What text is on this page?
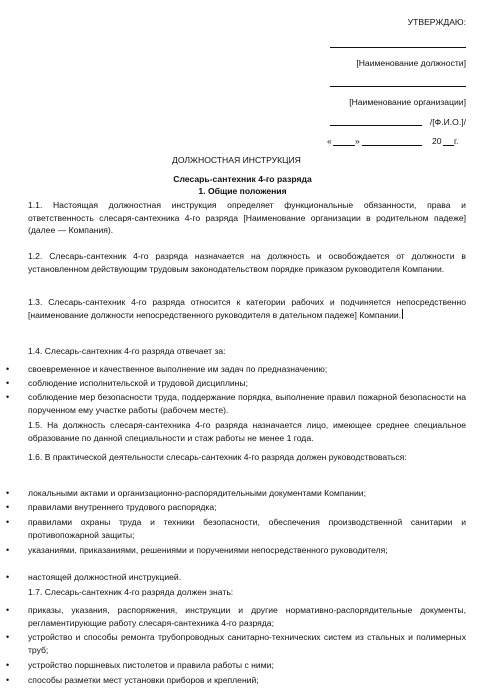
УТВЕРЖДАЮ:
[Наименование должности]
[Наименование организации]
/[Ф.И.О.]/
«	»	20 г.
ДОЛЖНОСТНАЯ ИНСТРУКЦИЯ
Слесарь-сантехник 4-го разряда
1. Общие положения
1.1. Настоящая должностная инструкция определяет функциональные обязанности, права и ответственность слесаря-сантехника 4-го разряда [Наименование организации в родительном падеже] (далее — Компания).
1.2. Слесарь-сантехник 4-го разряда назначается на должность и освобождается от должности в установленном действующим трудовым законодательством порядке приказом руководителя Компании.
1.3. Слесарь-сантехник 4-го разряда относится к категории рабочих и подчиняется непосредственно [наименование должности непосредственного руководителя в дательном падеже] Компании.
1.4. Слесарь-сантехник 4-го разряда отвечает за:
•	своевременное и качественное выполнение им задач по предназначению;
•	соблюдение исполнительской и трудовой дисциплины;
•	соблюдение мер безопасности труда, поддержание порядка, выполнение правил пожарной безопасности на порученном ему участке работы (рабочем месте).
1.5. На должность слесаря-сантехника 4-го разряда назначается лицо, имеющее среднее специальное образование по данной специальности и стаж работы не менее 1 года.
1.6. В практической деятельности слесарь-сантехник 4-го разряда должен руководствоваться:
•	локальными актами и организационно-распорядительными документами Компании;
•	правилами внутреннего трудового распорядка;
•	правилами охраны труда и техники безопасности, обеспечения производственной санитарии и противопожарной защиты;
•	указаниями, приказаниями, решениями и поручениями непосредственного руководителя;
•	настоящей должностной инструкцией.
1.7. Слесарь-сантехник 4-го разряда должен знать:
•	приказы, указания, распоряжения, инструкции и другие нормативно-распорядительные документы, регламентирующие работу слесаря-сантехника 4-го разряда;
•	устройство и способы ремонта трубопроводных санитарно-технических систем из стальных и полимерных труб;
•	устройство поршневых пистолетов и правила работы с ними;
•	способы разметки мест установки приборов и креплений;
